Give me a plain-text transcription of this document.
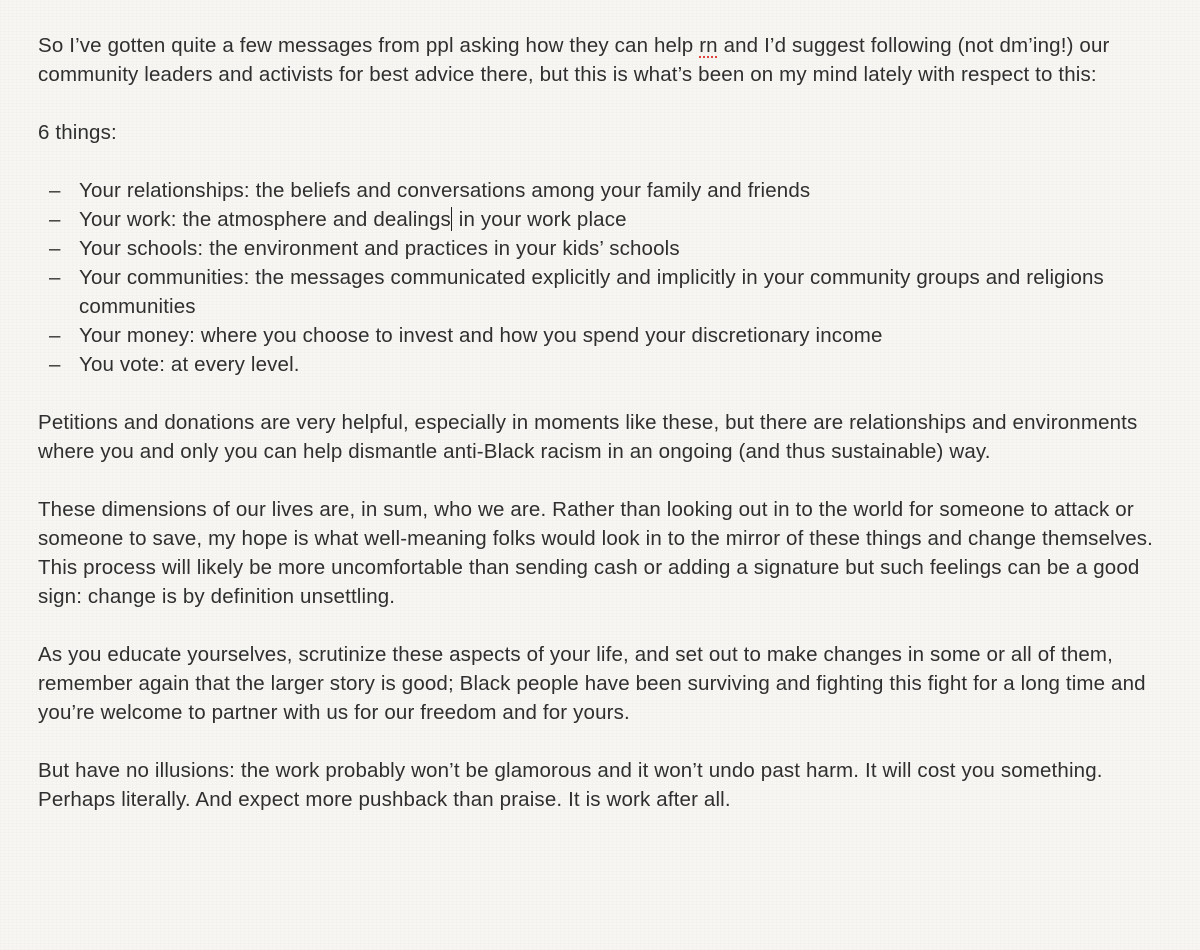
So I’ve gotten quite a few messages from ppl asking how they can help rn and I’d suggest following (not dm’ing!) our community leaders and activists for best advice there, but this is what’s been on my mind lately with respect to this:

6 things:

– Your relationships: the beliefs and conversations among your family and friends
– Your work: the atmosphere and dealings in your work place
– Your schools: the environment and practices in your kids’ schools
– Your communities: the messages communicated explicitly and implicitly in your community groups and religions communities
– Your money: where you choose to invest and how you spend your discretionary income
– You vote: at every level.

Petitions and donations are very helpful, especially in moments like these, but there are relationships and environments where you and only you can help dismantle anti-Black racism in an ongoing (and thus sustainable) way.

These dimensions of our lives are, in sum, who we are. Rather than looking out in to the world for someone to attack or someone to save, my hope is what well-meaning folks would look in to the mirror of these things and change themselves. This process will likely be more uncomfortable than sending cash or adding a signature but such feelings can be a good sign: change is by definition unsettling.

As you educate yourselves, scrutinize these aspects of your life, and set out to make changes in some or all of them, remember again that the larger story is good; Black people have been surviving and fighting this fight for a long time and you’re welcome to partner with us for our freedom and for yours.

But have no illusions: the work probably won’t be glamorous and it won’t undo past harm. It will cost you something. Perhaps literally. And expect more pushback than praise. It is work after all.
